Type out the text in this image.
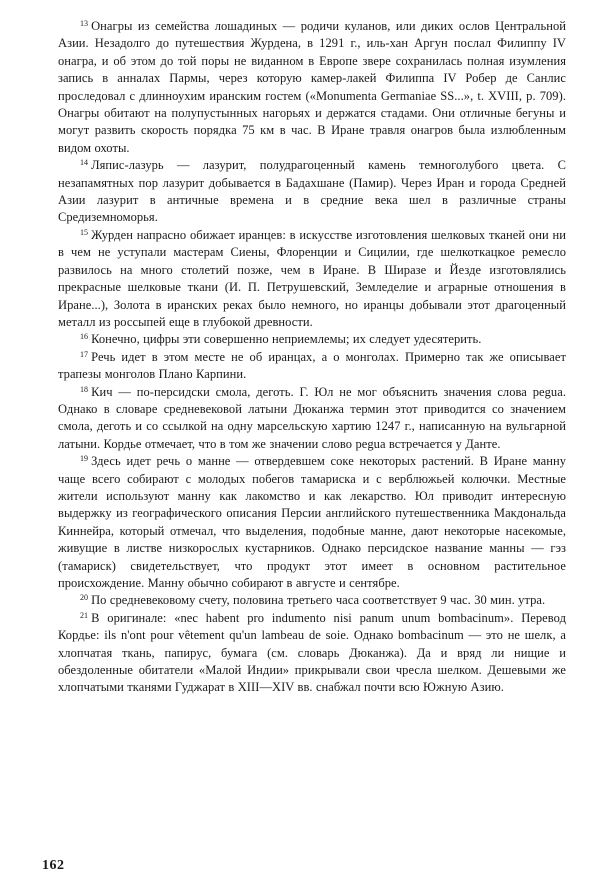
$^{13}$ Онагры из семейства лошадиных — родичи куланов, или диких ослов Центральной Азии. Незадолго до путешествия Журдена, в 1291 г., иль-хан Аргун послал Филиппу IV онагра, и об этом до той поры не виданном в Европе звере сохранилась полная изумления запись в анналах Пармы, через которую камер-лакей Филиппа IV Робер де Санлис проследовал с длинноухим иранским гостем («Monumenta Germaniae SS...», t. XVIII, p. 709). Онагры обитают на полупустынных нагорьях и держатся стадами. Они отличные бегуны и могут развить скорость порядка 75 км в час. В Иране травля онагров была излюбленным видом охоты.

$^{14}$ Ляпис-лазурь — лазурит, полудрагоценный камень темноголубого цвета. С незапамятных пор лазурит добывается в Бадахшане (Памир). Через Иран и города Средней Азии лазурит в античные времена и в средние века шел в различные страны Средиземноморья.

$^{15}$ Журден напрасно обижает иранцев: в искусстве изготовления шелковых тканей они ни в чем не уступали мастерам Сиены, Флоренции и Сицилии, где шелкоткацкое ремесло развилось на много столетий позже, чем в Иране. В Ширазе и Йезде изготовлялись прекрасные шелковые ткани (И. П. Петрушевский, Земледелие и аграрные отношения в Иране...), Золота в иранских реках было немного, но иранцы добывали этот драгоценный металл из россыпей еще в глубокой древности.

$^{16}$ Конечно, цифры эти совершенно неприемлемы; их следует удесятерить.

$^{17}$ Речь идет в этом месте не об иранцах, а о монголах. Примерно так же описывает трапезы монголов Плано Карпини.

$^{18}$ Кич — по-персидски смола, деготь. Г. Юл не мог объяснить значения слова pegua. Однако в словаре средневековой латыни Дюканжа термин этот приводится со значением смола, деготь и со ссылкой на одну марсельскую хартию 1247 г., написанную на вульгарной латыни. Кордье отмечает, что в том же значении слово pegua встречается у Данте.

$^{19}$ Здесь идет речь о манне — отвердевшем соке некоторых растений. В Иране манну чаще всего собирают с молодых побегов тамариска и с верблюжьей колючки. Местные жители используют манну как лакомство и как лекарство. Юл приводит интересную выдержку из географического описания Персии английского путешественника Макдональда Киннейра, который отмечал, что выделения, подобные манне, дают некоторые насекомые, живущие в листве низкорослых кустарников. Однако персидское название манны — гэз (тамариск) свидетельствует, что продукт этот имеет в основном растительное происхождение. Манну обычно собирают в августе и сентябре.

$^{20}$ По средневековому счету, половина третьего часа соответствует 9 час. 30 мин. утра.

$^{21}$ В оригинале: «nec habent pro indumento nisi panum unum bombacinum». Перевод Кордье: ils n'ont pour vêtement qu'un lambeau de soie. Однако bombacinum — это не шелк, а хлопчатая ткань, папирус, бумага (см. словарь Дюканжа). Да и вряд ли нищие и обездоленные обитатели «Малой Индии» прикрывали свои чресла шелком. Дешевыми же хлопчатыми тканями Гуджарат в XIII—XIV вв. снабжал почти всю Южную Азию.

162
